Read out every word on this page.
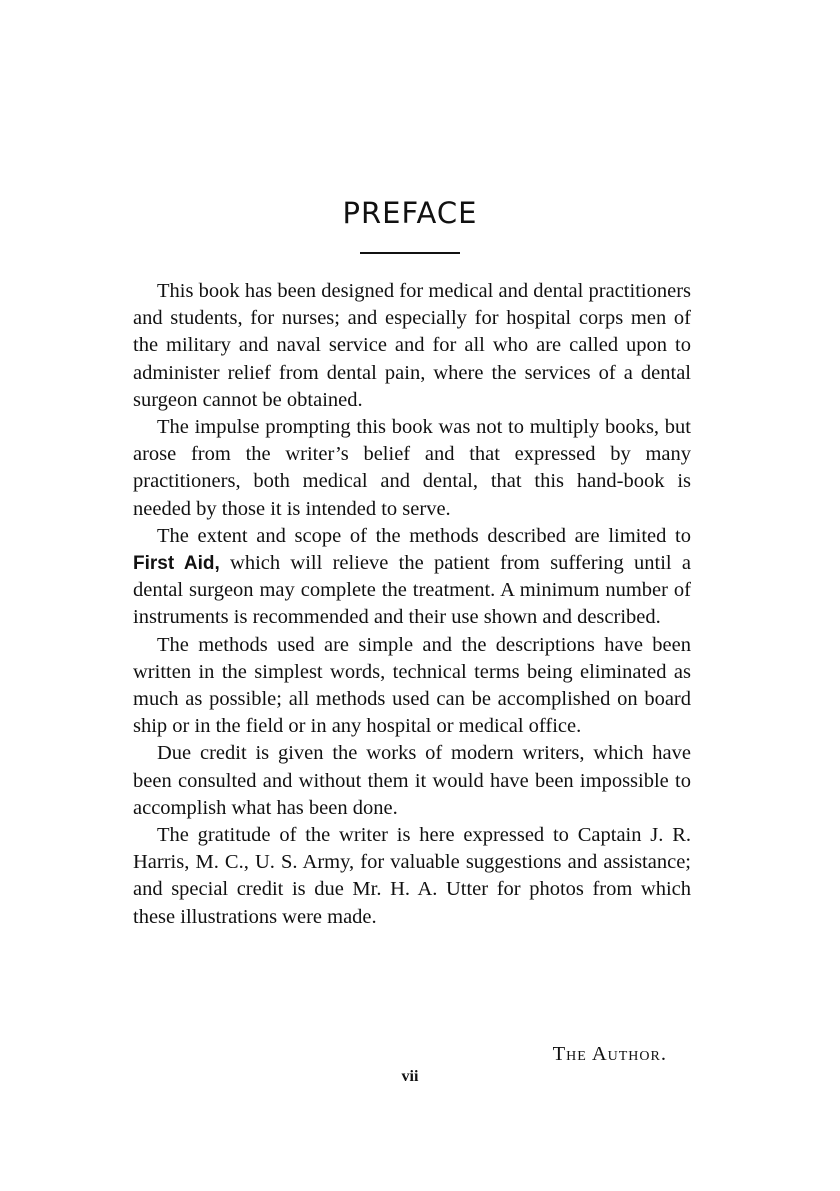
PREFACE

This book has been designed for medical and dental practitioners and students, for nurses; and especially for hospital corps men of the military and naval service and for all who are called upon to administer relief from dental pain, where the services of a dental surgeon cannot be obtained.

The impulse prompting this book was not to multiply books, but arose from the writer’s belief and that expressed by many practitioners, both medical and dental, that this hand-book is needed by those it is intended to serve.

The extent and scope of the methods described are limited to First Aid, which will relieve the patient from suffering until a dental surgeon may complete the treatment. A minimum number of instruments is recommended and their use shown and described.

The methods used are simple and the descriptions have been written in the simplest words, technical terms being eliminated as much as possible; all methods used can be accomplished on board ship or in the field or in any hospital or medical office.

Due credit is given the works of modern writers, which have been consulted and without them it would have been impossible to accomplish what has been done.

The gratitude of the writer is here expressed to Captain J. R. Harris, M. C., U. S. Army, for valuable suggestions and assistance; and special credit is due Mr. H. A. Utter for photos from which these illustrations were made.

The Author.

vii
